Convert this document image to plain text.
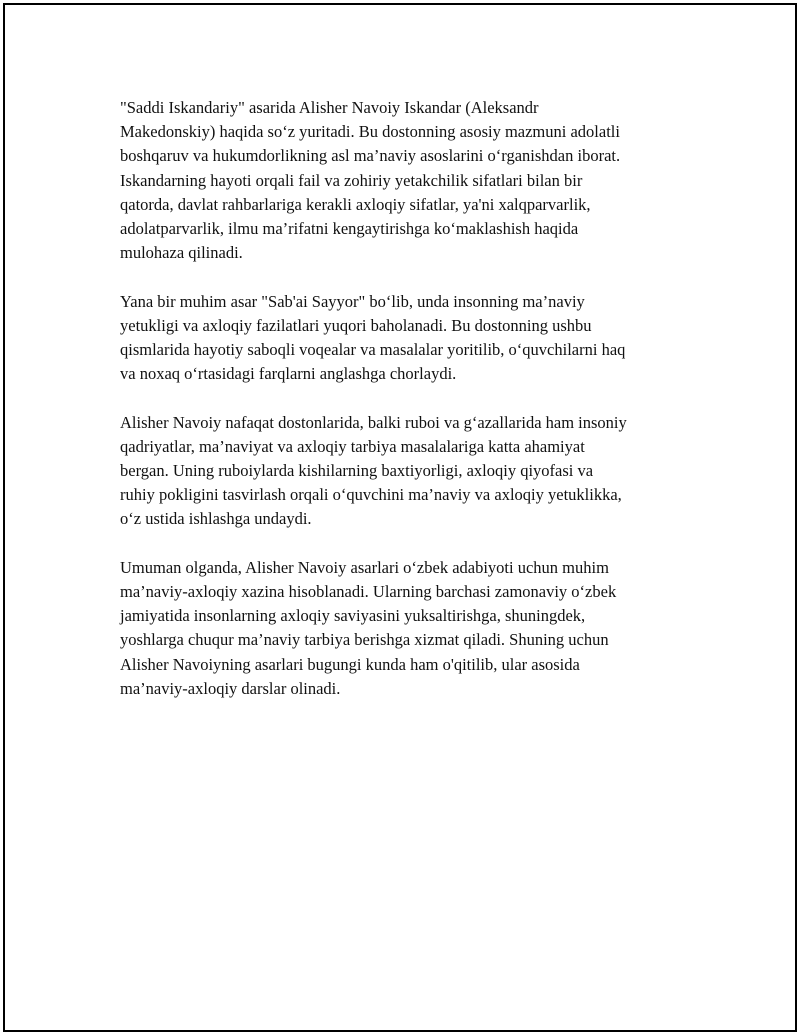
"Saddi Iskandariy" asarida Alisher Navoiy Iskandar (Aleksandr
Makedonskiy) haqida so‘z yuritadi. Bu dostonning asosiy mazmuni adolatli
boshqaruv va hukumdorlikning asl ma’naviy asoslarini o‘rganishdan iborat.
Iskandarning hayoti orqali fail va zohiriy yetakchilik sifatlari bilan bir
qatorda, davlat rahbarlariga kerakli axloqiy sifatlar, ya'ni xalqparvarlik,
adolatparvarlik, ilmu ma’rifatni kengaytirishga ko‘maklashish haqida
mulohaza qilinadi.

Yana bir muhim asar "Sab'ai Sayyor" bo‘lib, unda insonning ma’naviy
yetukligi va axloqiy fazilatlari yuqori baholanadi. Bu dostonning ushbu
qismlarida hayotiy saboqli voqealar va masalalar yoritilib, o‘quvchilarni haq
va noxaq o‘rtasidagi farqlarni anglashga chorlaydi.

Alisher Navoiy nafaqat dostonlarida, balki ruboi va g‘azallarida ham insoniy
qadriyatlar, ma’naviyat va axloqiy tarbiya masalalariga katta ahamiyat
bergan. Uning ruboiylarda kishilarning baxtiyorligi, axloqiy qiyofasi va
ruhiy pokligini tasvirlash orqali o‘quvchini ma’naviy va axloqiy yetuklikka,
o‘z ustida ishlashga undaydi.

Umuman olganda, Alisher Navoiy asarlari o‘zbek adabiyoti uchun muhim
ma’naviy-axloqiy xazina hisoblanadi. Ularning barchasi zamonaviy o‘zbek
jamiyatida insonlarning axloqiy saviyasini yuksaltirishga, shuningdek,
yoshlarga chuqur ma’naviy tarbiya berishga xizmat qiladi. Shuning uchun
Alisher Navoiyning asarlari bugungi kunda ham o'qitilib, ular asosida
ma’naviy-axloqiy darslar olinadi.
